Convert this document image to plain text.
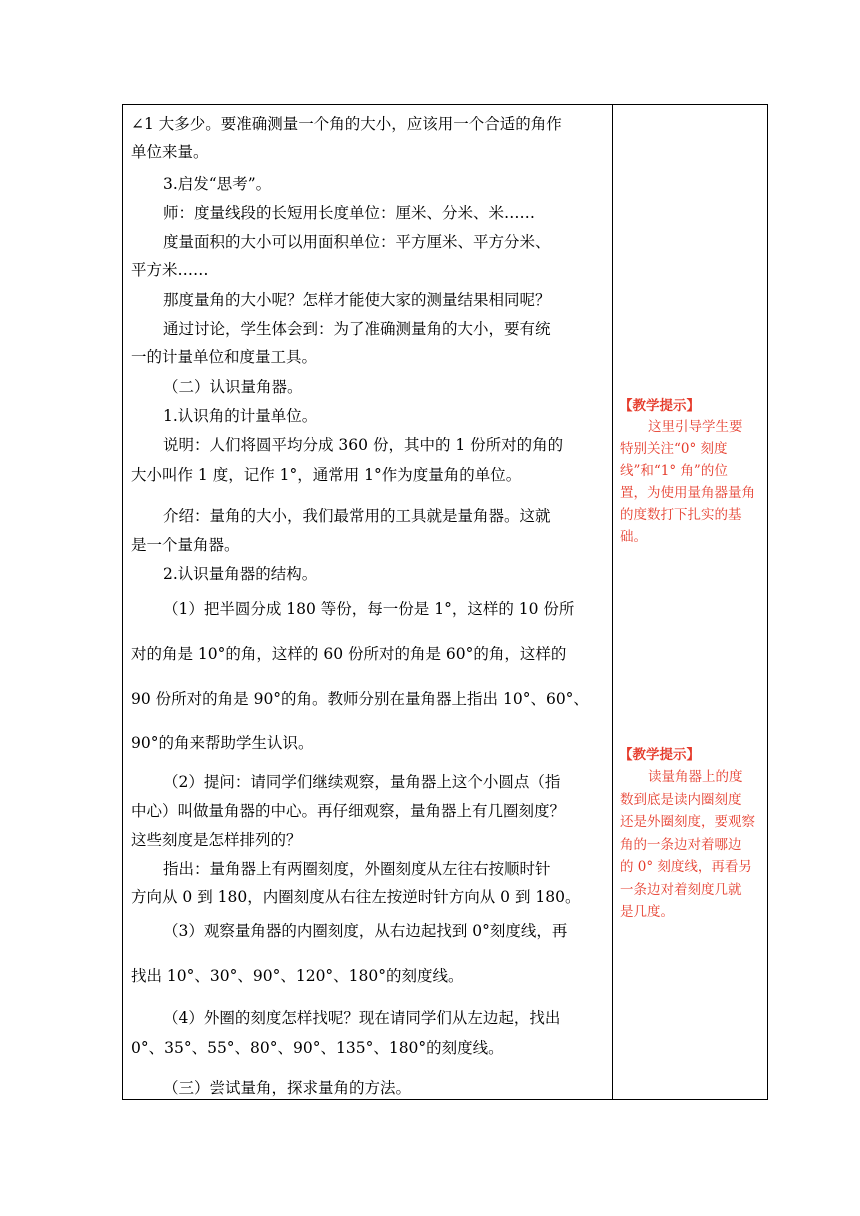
∠1 大多少。要准确测量一个角的大小，应该用一个合适的角作
单位来量。
3.启发“思考”。
师：度量线段的长短用长度单位：厘米、分米、米……
度量面积的大小可以用面积单位：平方厘米、平方分米、
平方米……
那度量角的大小呢？怎样才能使大家的测量结果相同呢？
通过讨论，学生体会到：为了准确测量角的大小，要有统
一的计量单位和度量工具。
（二）认识量角器。
1.认识角的计量单位。
说明：人们将圆平均分成 360 份，其中的 1 份所对的角的
大小叫作 1 度，记作 1°，通常用 1°作为度量角的单位。
介绍：量角的大小，我们最常用的工具就是量角器。这就
是一个量角器。
2.认识量角器的结构。
（1）把半圆分成 180 等份，每一份是 1°，这样的 10 份所
对的角是 10°的角，这样的 60 份所对的角是 60°的角，这样的
90 份所对的角是 90°的角。教师分别在量角器上指出 10°、60°、
90°的角来帮助学生认识。
（2）提问：请同学们继续观察，量角器上这个小圆点（指
中心）叫做量角器的中心。再仔细观察，量角器上有几圈刻度？
这些刻度是怎样排列的？
指出：量角器上有两圈刻度，外圈刻度从左往右按顺时针
方向从 0 到 180，内圈刻度从右往左按逆时针方向从 0 到 180。
（3）观察量角器的内圈刻度，从右边起找到 0°刻度线，再
找出 10°、30°、90°、120°、180°的刻度线。
（4）外圈的刻度怎样找呢？现在请同学们从左边起，找出
0°、35°、55°、80°、90°、135°、180°的刻度线。
（三）尝试量角，探求量角的方法。
【教学提示】
这里引导学生要
特别关注“0° 刻度
线”和“1° 角”的位
置，为使用量角器量角
的度数打下扎实的基
础。
【教学提示】
读量角器上的度
数到底是读内圈刻度
还是外圈刻度，要观察
角的一条边对着哪边
的 0° 刻度线，再看另
一条边对着刻度几就
是几度。
